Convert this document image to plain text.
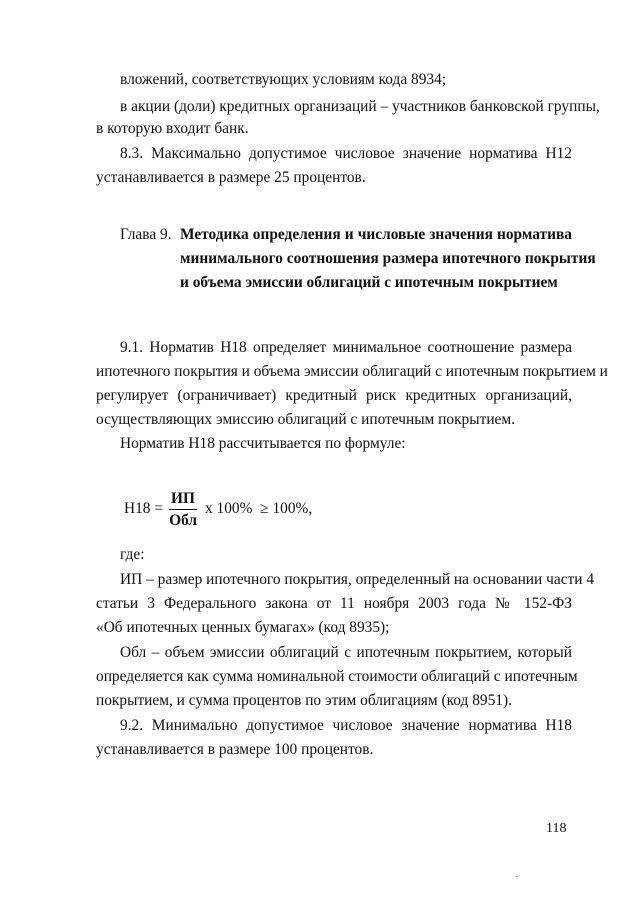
вложений, соответствующих условиям кода 8934;
в акции (доли) кредитных организаций – участников банковской группы,
в которую входит банк.
8.3. Максимально допустимое числовое значение норматива Н12
устанавливается в размере 25 процентов.
Глава 9. Методика определения и числовые значения норматива
минимального соотношения размера ипотечного покрытия
и объема эмиссии облигаций с ипотечным покрытием
9.1. Норматив Н18 определяет минимальное соотношение размера
ипотечного покрытия и объема эмиссии облигаций с ипотечным покрытием и
регулирует (ограничивает) кредитный риск кредитных организаций,
осуществляющих эмиссию облигаций с ипотечным покрытием.
Норматив Н18 рассчитывается по формуле:
$Н18 = \frac{ИП}{\text{Обл}}$ x 100%  ≥ 100%,
где:
ИП – размер ипотечного покрытия, определенный на основании части 4
статьи 3 Федерального закона от 11 ноября 2003 года № 152-ФЗ
«Об ипотечных ценных бумагах» (код 8935);
Обл – объем эмиссии облигаций с ипотечным покрытием, который
определяется как сумма номинальной стоимости облигаций с ипотечным
покрытием, и сумма процентов по этим облигациям (код 8951).
9.2. Минимально допустимое числовое значение норматива Н18
устанавливается в размере 100 процентов.
118
